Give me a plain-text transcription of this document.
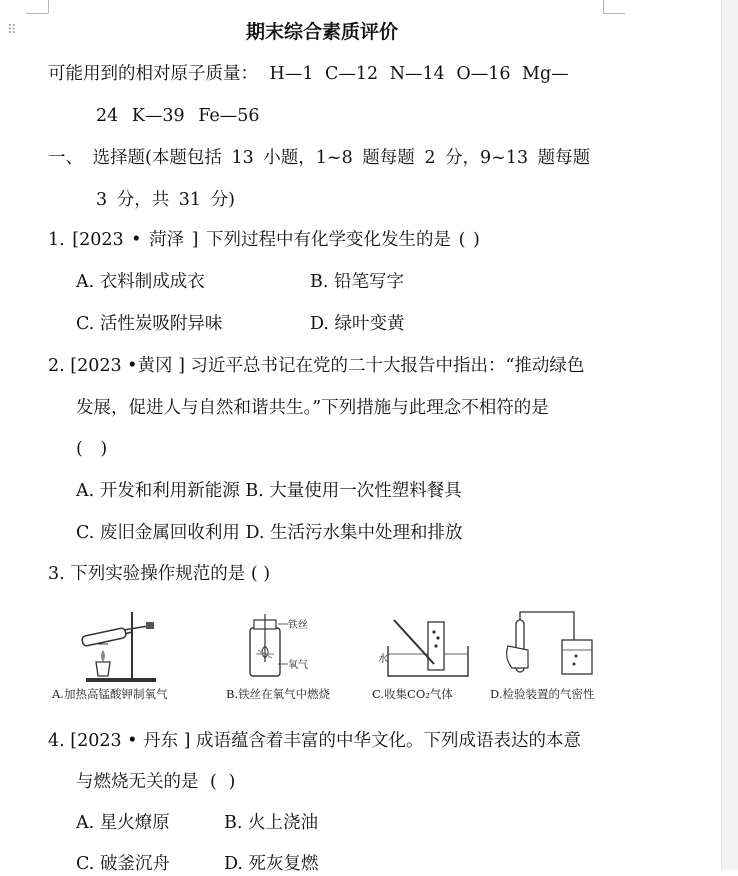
⠿	期末综合素质评价
可能用到的相对原子质量： H—1 C—12 N—14 O—16 Mg—
24 K—39 Fe—56
一、 选择题(本题包括 13 小题，1~8 题每题 2 分，9~13 题每题
3 分，共 31 分)
1. [2023 • 菏泽 ] 下列过程中有化学变化发生的是 ( )
A. 衣料制成成衣	B. 铅笔写字
C. 活性炭吸附异味	D. 绿叶变黄
2. [2023 •黄冈 ] 习近平总书记在党的二十大报告中指出：“推动绿色
发展，促进人与自然和谐共生。”下列措施与此理念不相符的是
( )
A. 开发和利用新能源 B. 大量使用一次性塑料餐具
C. 废旧金属回收利用 D. 生活污水集中处理和排放
3. 下列实验操作规范的是 ( )
A.加热高锰酸钾制氧气
铁丝
氧气
B.铁丝在氧气中燃烧
水
C.收集CO₂气体	D.检验装置的气密性
4. [2023 • 丹东 ] 成语蕴含着丰富的中华文化。下列成语表达的本意
与燃烧无关的是 ( )
A. 星火燎原	B. 火上浇油
C. 破釜沉舟	D. 死灰复燃
